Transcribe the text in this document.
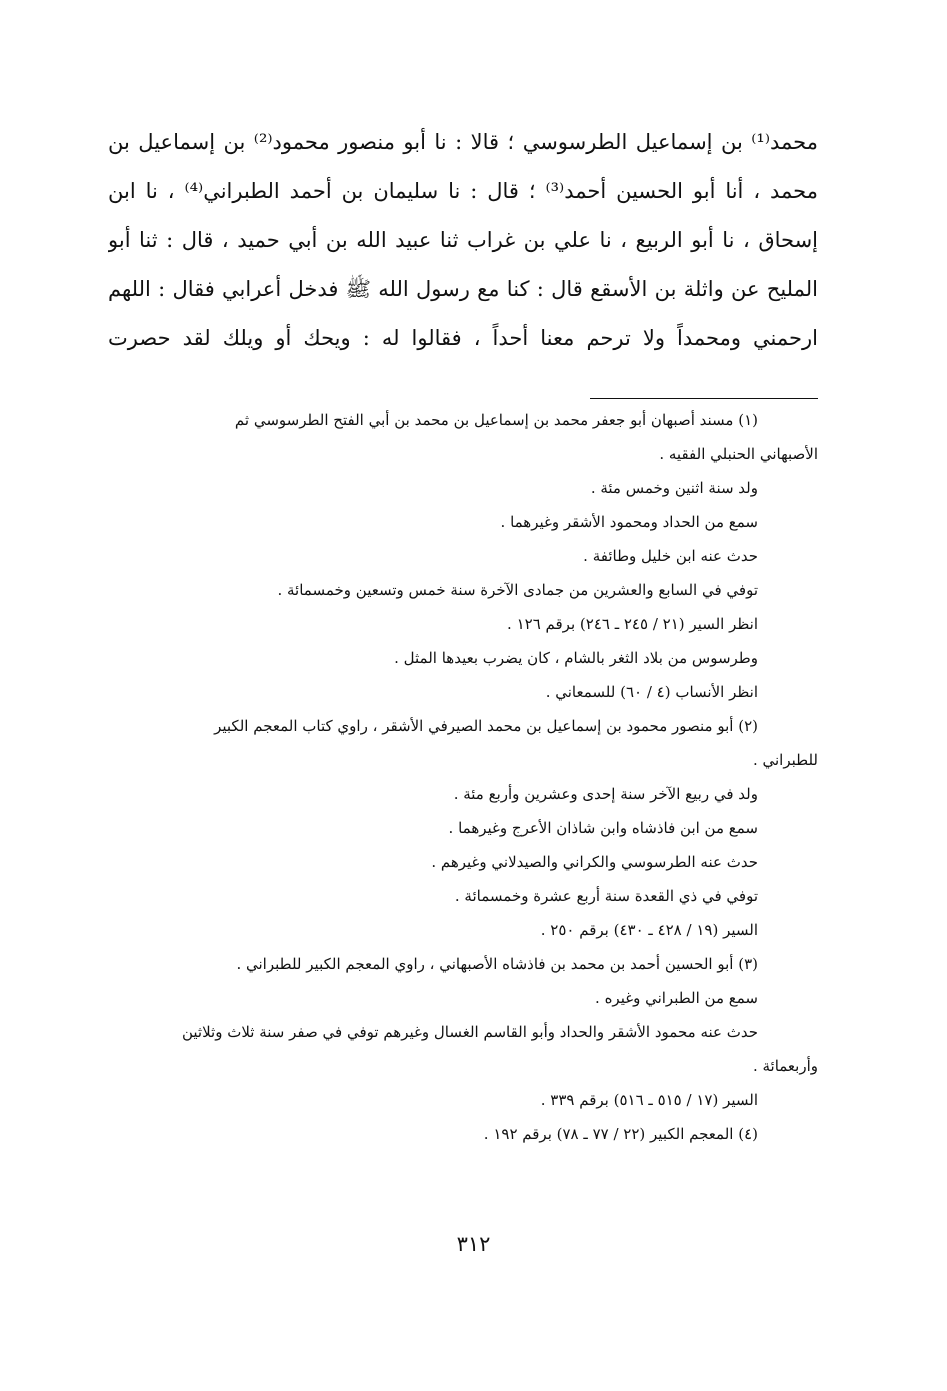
محمد⁽¹⁾ بن إسماعيل الطرسوسي ؛ قالا : نا أبو منصور محمود⁽²⁾ بن إسماعيل بن

محمد ، أنا أبو الحسين أحمد⁽³⁾ ؛ قال : نا سليمان بن أحمد الطبراني⁽⁴⁾ ، نا ابن

إسحاق ، نا أبو الربيع ، نا علي بن غراب ثنا عبيد الله بن أبي حميد ، قال : ثنا أبو

المليح عن واثلة بن الأسقع قال : كنا مع رسول الله ﷺ فدخل أعرابي فقال : اللهم

ارحمني ومحمداً ولا ترحم معنا أحداً ، فقالوا له : ويحك أو ويلك لقد حصرت

(١) مسند أصبهان أبو جعفر محمد بن إسماعيل بن محمد بن أبي الفتح الطرسوسي ثم

الأصبهاني الحنبلي الفقيه .

ولد سنة اثنين وخمس مئة .

سمع من الحداد ومحمود الأشقر وغيرهما .

حدث عنه ابن خليل وطائفة .

توفي في السابع والعشرين من جمادى الآخرة سنة خمس وتسعين وخمسمائة .

انظر السير (٢١ / ٢٤٥ ـ ٢٤٦) برقم ١٢٦ .

وطرسوس من بلاد الثغر بالشام ، كان يضرب بعيدها المثل .

انظر الأنساب (٤ / ٦٠) للسمعاني .

(٢) أبو منصور محمود بن إسماعيل بن محمد الصيرفي الأشقر ، راوي كتاب المعجم الكبير

للطبراني .

ولد في ربيع الآخر سنة إحدى وعشرين وأربع مئة .

سمع من ابن فاذشاه وابن شاذان الأعرج وغيرهما .

حدث عنه الطرسوسي والكراني والصيدلاني وغيرهم .

توفي في ذي القعدة سنة أربع عشرة وخمسمائة .

السير (١٩ / ٤٢٨ ـ ٤٣٠) برقم ٢٥٠ .

(٣) أبو الحسين أحمد بن محمد بن فاذشاه الأصبهاني ، راوي المعجم الكبير للطبراني .

سمع من الطبراني وغيره .

حدث عنه محمود الأشقر والحداد وأبو القاسم الغسال وغيرهم توفي في صفر سنة ثلاث وثلاثين

وأربعمائة .

السير (١٧ / ٥١٥ ـ ٥١٦) برقم ٣٣٩ .

(٤) المعجم الكبير (٢٢ / ٧٧ ـ ٧٨) برقم ١٩٢ .

٣١٢
